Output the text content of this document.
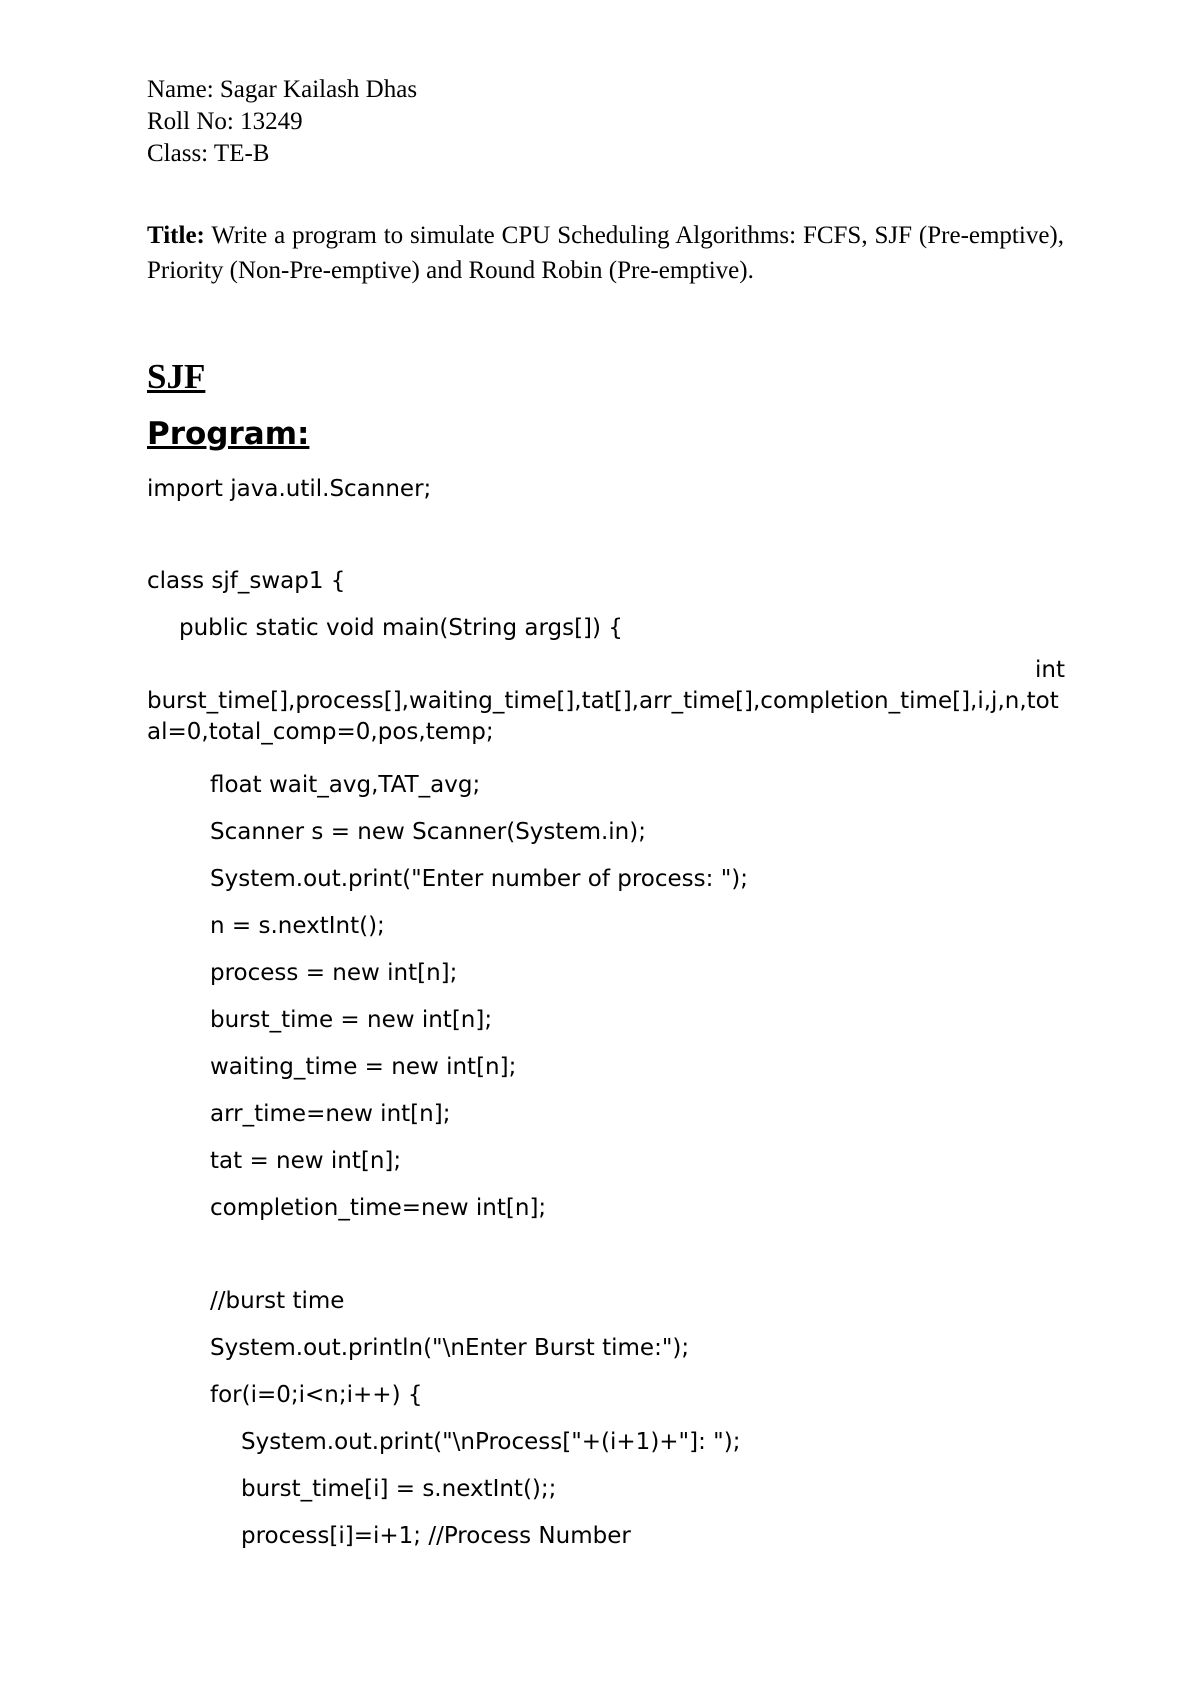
Name: Sagar Kailash Dhas
Roll No: 13249
Class: TE-B
Title: Write a program to simulate CPU Scheduling Algorithms: FCFS, SJF (Pre-emptive), Priority (Non-Pre-emptive) and Round Robin (Pre-emptive).
SJF
Program:

import java.util.Scanner;

class sjf_swap1 {

public static void main(String args[]) {

int
burst_time[],process[],waiting_time[],tat[],arr_time[],completion_time[],i,j,n,total=0,total_comp=0,pos,temp;

float wait_avg,TAT_avg;

Scanner s = new Scanner(System.in);

System.out.print("Enter number of process: ");

n = s.nextInt();

process = new int[n];

burst_time = new int[n];

waiting_time = new int[n];

arr_time=new int[n];

tat = new int[n];

completion_time=new int[n];

//burst time

System.out.println("\nEnter Burst time:");

for(i=0;i<n;i++) {

System.out.print("\nProcess["+(i+1)+"]: ");

burst_time[i] = s.nextInt();;

process[i]=i+1; //Process Number
